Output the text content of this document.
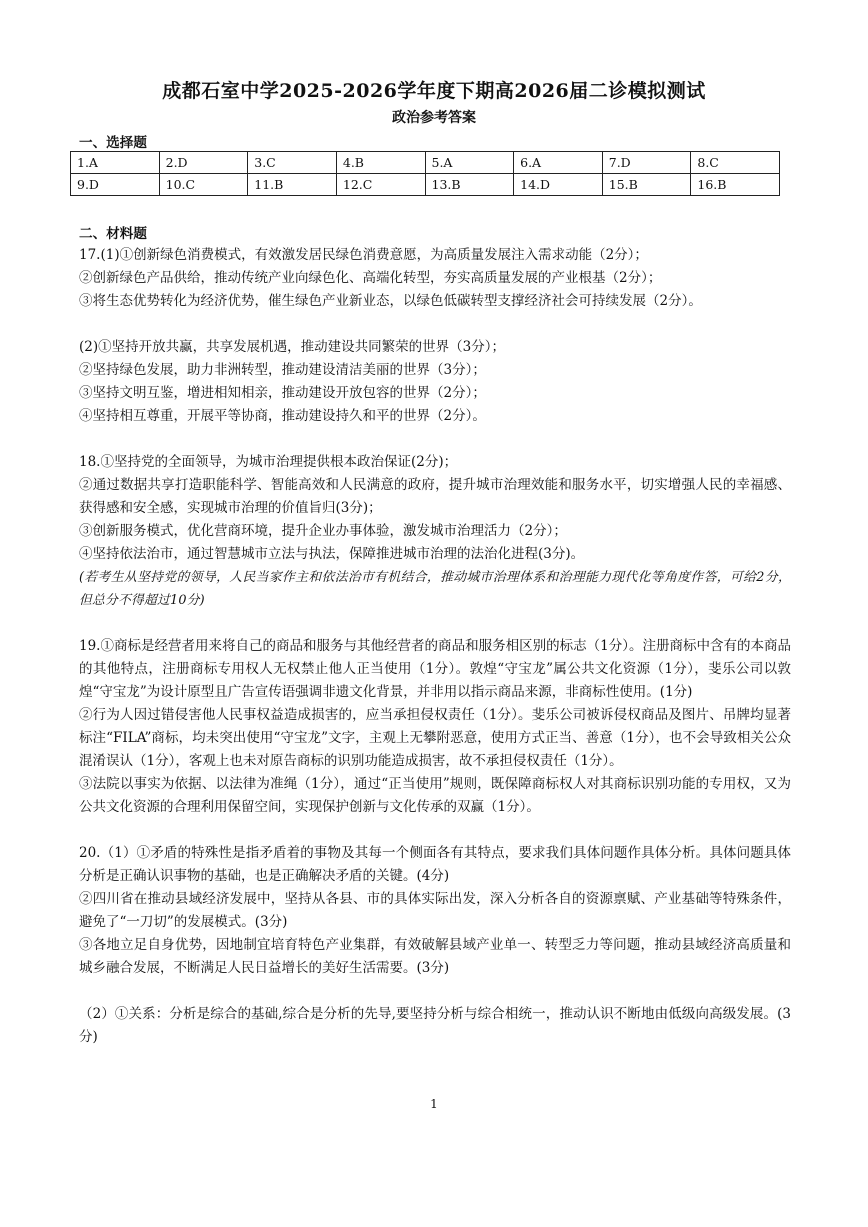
成都石室中学2025-2026学年度下期高2026届二诊模拟测试
政治参考答案
一、选择题
1.A	2.D	3.C	4.B	5.A	6.A	7.D	8.C
9.D	10.C	11.B	12.C	13.B	14.D	15.B	16.B
二、材料题

17.(1)①创新绿色消费模式，有效激发居民绿色消费意愿，为高质量发展注入需求动能（2分）；

②创新绿色产品供给，推动传统产业向绿色化、高端化转型，夯实高质量发展的产业根基（2分）；

③将生态优势转化为经济优势，催生绿色产业新业态，以绿色低碳转型支撑经济社会可持续发展（2分）。

(2)①坚持开放共赢，共享发展机遇，推动建设共同繁荣的世界（3分）；

②坚持绿色发展，助力非洲转型，推动建设清洁美丽的世界（3分）；

③坚持文明互鉴，增进相知相亲，推动建设开放包容的世界（2分）；

④坚持相互尊重，开展平等协商，推动建设持久和平的世界（2分）。

18.①坚持党的全面领导，为城市治理提供根本政治保证(2分)；

②通过数据共享打造职能科学、智能高效和人民满意的政府，提升城市治理效能和服务水平，切实增强人民的幸福感、获得感和安全感，实现城市治理的价值旨归(3分)；

③创新服务模式，优化营商环境，提升企业办事体验，激发城市治理活力（2分）；

④坚持依法治市，通过智慧城市立法与执法，保障推进城市治理的法治化进程(3分)。

(若考生从坚持党的领导，人民当家作主和依法治市有机结合，推动城市治理体系和治理能力现代化等角度作答，可给2分，但总分不得超过10分)

19.①商标是经营者用来将自己的商品和服务与其他经营者的商品和服务相区别的标志（1分）。注册商标中含有的本商品的其他特点，注册商标专用权人无权禁止他人正当使用（1分）。敦煌“守宝龙”属公共文化资源（1分），斐乐公司以敦煌“守宝龙”为设计原型且广告宣传语强调非遗文化背景，并非用以指示商品来源，非商标性使用。(1分)

②行为人因过错侵害他人民事权益造成损害的，应当承担侵权责任（1分）。斐乐公司被诉侵权商品及图片、吊牌均显著标注“FILA”商标，均未突出使用“守宝龙”文字，主观上无攀附恶意，使用方式正当、善意（1分），也不会导致相关公众混淆误认（1分），客观上也未对原告商标的识别功能造成损害，故不承担侵权责任（1分）。

③法院以事实为依据、以法律为准绳（1分），通过“正当使用”规则，既保障商标权人对其商标识别功能的专用权，又为公共文化资源的合理利用保留空间，实现保护创新与文化传承的双赢（1分）。

20.（1）①矛盾的特殊性是指矛盾着的事物及其每一个侧面各有其特点，要求我们具体问题作具体分析。具体问题具体分析是正确认识事物的基础，也是正确解决矛盾的关键。(4分)

②四川省在推动县域经济发展中，坚持从各县、市的具体实际出发，深入分析各自的资源禀赋、产业基础等特殊条件，避免了“一刀切”的发展模式。(3分)

③各地立足自身优势，因地制宜培育特色产业集群，有效破解县域产业单一、转型乏力等问题，推动县域经济高质量和城乡融合发展，不断满足人民日益增长的美好生活需要。(3分)

（2）①关系：分析是综合的基础,综合是分析的先导,要坚持分析与综合相统一，推动认识不断地由低级向高级发展。(3分)

1
